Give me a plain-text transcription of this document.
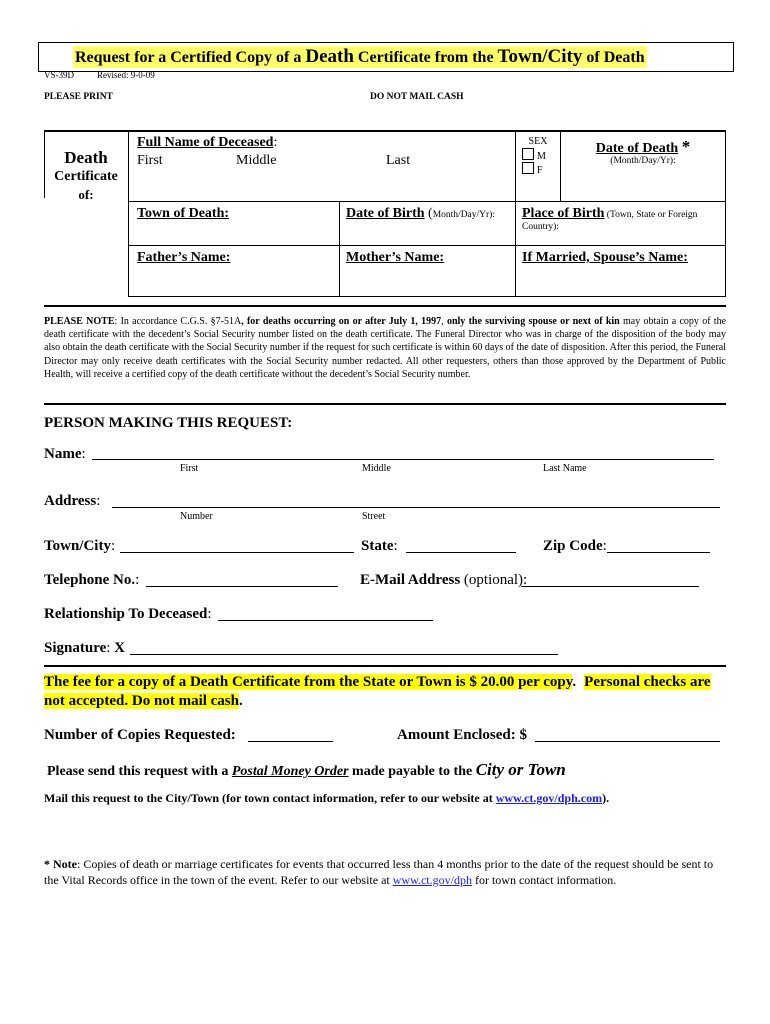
Request for a Certified Copy of a Death Certificate from the Town/City of Death
VS-39D	Revised: 9-0-09
PLEASE PRINT	DO NOT MAIL CASH
Death
Certificate
of:
Full Name of Deceased:
First	Middle	Last
SEX
M
F
Date of Death *
(Month/Day/Yr):
Town of Death:	Date of Birth (Month/Day/Yr): Place of Birth (Town, State or Foreign
Country):
Father’s Name:	Mother’s Name:	If Married, Spouse’s Name:
PLEASE NOTE: In accordance C.G.S. §7-51A, for deaths occurring on or after July 1, 1997, only the surviving spouse or next of kin may obtain a copy of the death certificate with the decedent’s Social Security number listed on the death certificate. The Funeral Director who was in charge of the disposition of the body may also obtain the death certificate with the Social Security number if the request for such certificate is within 60 days of the date of disposition. After this period, the Funeral Director may only receive death certificates with the Social Security number redacted. All other requesters, others than those approved by the Department of Public Health, will receive a certified copy of the death certificate without the decedent’s Social Security number.
PERSON MAKING THIS REQUEST:
Name:
First	Middle	Last Name
Address:
Number	Street
Town/City:	State:	Zip Code:
Telephone No.:	E-Mail Address (optional):
Relationship To Deceased:
Signature: X
The fee for a copy of a Death Certificate from the State or Town is $ 20.00 per copy. Personal checks are
not accepted. Do not mail cash.
Number of Copies Requested:	Amount Enclosed: $
Please send this request with a Postal Money Order made payable to the City or Town
Mail this request to the City/Town (for town contact information, refer to our website at www.ct.gov/dph.com).
* Note: Copies of death or marriage certificates for events that occurred less than 4 months prior to the date of the request should be sent to the Vital Records office in the town of the event. Refer to our website at www.ct.gov/dph for town contact information.
